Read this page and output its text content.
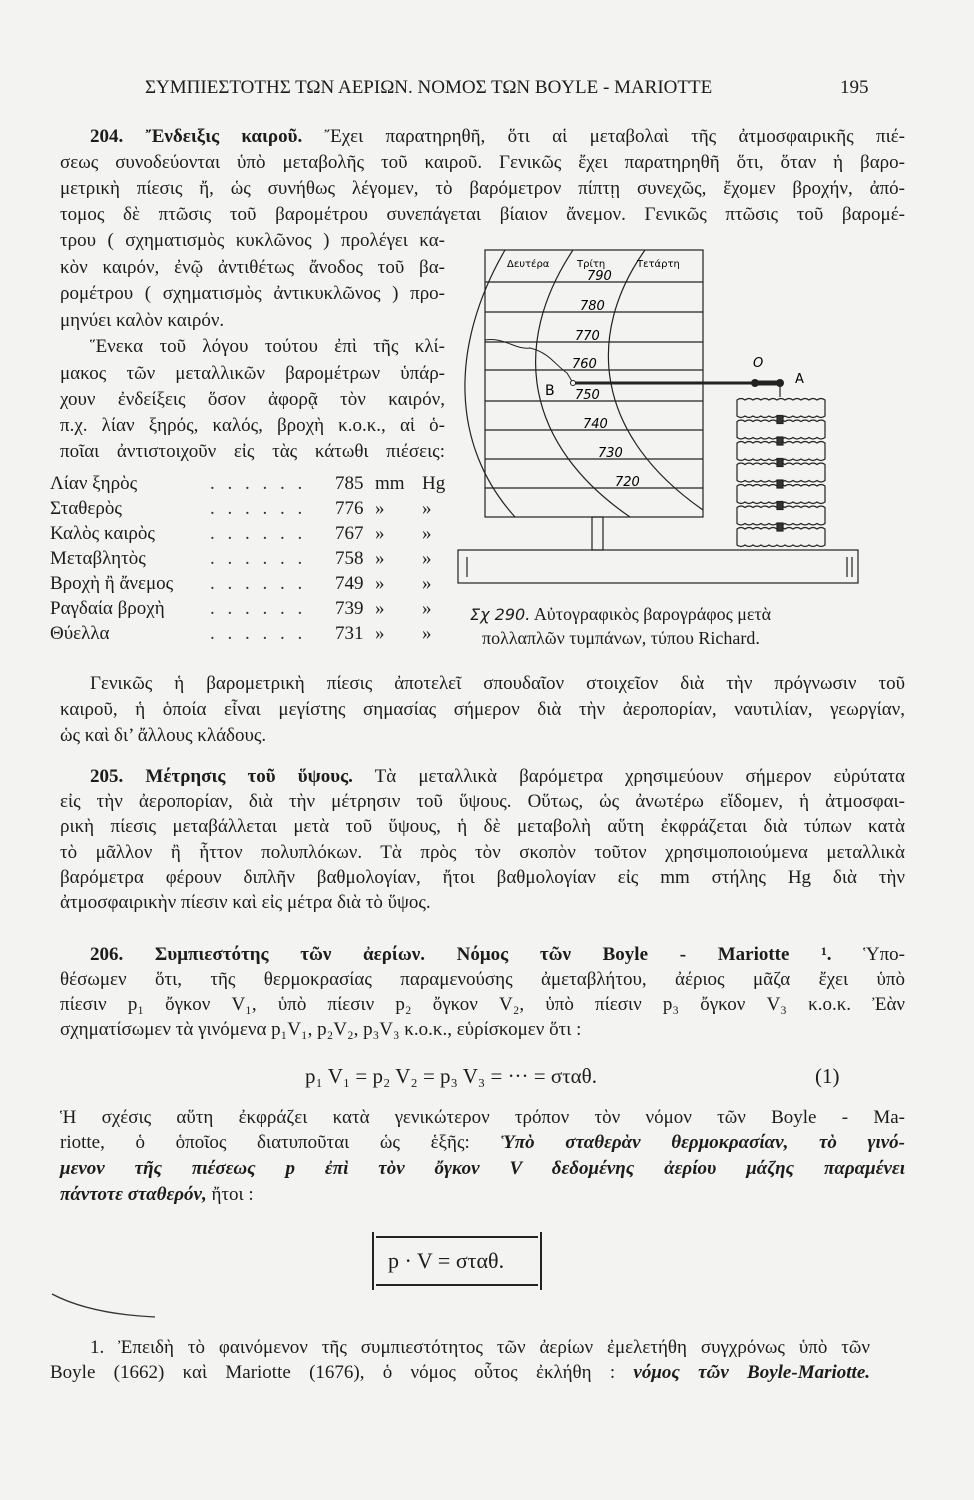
ΣΥΜΠΙΕΣΤΟΤΗΣ ΤΩΝ ΑΕΡΙΩΝ. ΝΟΜΟΣ ΤΩΝ BOYLE - MARIOTTE	195
Λίαν ξηρὸς	785 mm Hg
. . . . . .
Σταθερὸς	776 » »
. . . . . .
Καλὸς καιρὸς	767 » »
. . . . . .
Μεταβλητὸς	758 » »
. . . . . .
Βροχὴ ἢ ἄνεμος	749 » »
. . . . . .
Ραγδαία βροχὴ	739 » »
. . . . . .
Θύελλα	731 » »
. . . . . .
790
780
770
760
750
740
730
720
Δευτέρα	Τρίτη	Τετάρτη
O
A
B
Σχ 290. Αὐτογραφικὸς βαρογράφος μετὰ
πολλαπλῶν τυμπάνων, τύπου Richard.
p₁ V₁ = p₂ V₂ = p₃ V₃ = ··· = σταθ.	(1)
p · V = σταθ.
204. Ἔνδειξις καιροῦ. Ἔχει παρατηρηθῆ, ὅτι αἱ μεταβολαὶ τῆς ἀτμοσφαιρικῆς πιέ-
σεως συνοδεύονται ὑπὸ μεταβολῆς τοῦ καιροῦ. Γενικῶς ἔχει παρατηρηθῆ ὅτι, ὅταν ἡ βαρο-
μετρικὴ πίεσις ἤ, ὡς συνήθως λέγομεν, τὸ βαρόμετρον πίπτῃ συνεχῶς, ἔχομεν βροχήν, ἀπό-
τομος δὲ πτῶσις τοῦ βαρομέτρου συνεπάγεται βίαιον ἄνεμον. Γενικῶς πτῶσις τοῦ βαρομέ-
τρου ( σχηματισμὸς κυκλῶνος ) προλέγει κα-
κὸν καιρόν, ἐνῷ ἀντιθέτως ἄνοδος τοῦ βα-
ρομέτρου ( σχηματισμὸς ἀντικυκλῶνος ) προ-
μηνύει καλὸν καιρόν.
Ἕνεκα τοῦ λόγου τούτου ἐπὶ τῆς κλί-
μακος τῶν μεταλλικῶν βαρομέτρων ὑπάρ-
χουν ἐνδείξεις ὅσον ἀφορᾷ τὸν καιρόν,
π.χ. λίαν ξηρός, καλός, βροχὴ κ.ο.κ., αἱ ὁ-
ποῖαι ἀντιστοιχοῦν εἰς τὰς κάτωθι πιέσεις:
Γενικῶς ἡ βαρομετρικὴ πίεσις ἀποτελεῖ σπουδαῖον στοιχεῖον διὰ τὴν πρόγνωσιν τοῦ
καιροῦ, ἡ ὁποία εἶναι μεγίστης σημασίας σήμερον διὰ τὴν ἀεροπορίαν, ναυτιλίαν, γεωργίαν,
ὡς καὶ δι’ ἄλλους κλάδους.
205. Μέτρησις τοῦ ὕψους. Τὰ μεταλλικὰ βαρόμετρα χρησιμεύουν σήμερον εὐρύτατα
εἰς τὴν ἀεροπορίαν, διὰ τὴν μέτρησιν τοῦ ὕψους. Οὕτως, ὡς ἀνωτέρω εἴδομεν, ἡ ἀτμοσφαι-
ρικὴ πίεσις μεταβάλλεται μετὰ τοῦ ὕψους, ἡ δὲ μεταβολὴ αὕτη ἐκφράζεται διὰ τύπων κατὰ
τὸ μᾶλλον ἢ ἧττον πολυπλόκων. Τὰ πρὸς τὸν σκοπὸν τοῦτον χρησιμοποιούμενα μεταλλικὰ
βαρόμετρα φέρουν διπλῆν βαθμολογίαν, ἤτοι βαθμολογίαν εἰς mm στήλης Hg διὰ τὴν
ἀτμοσφαιρικὴν πίεσιν καὶ εἰς μέτρα διὰ τὸ ὕψος.
206. Συμπιεστότης τῶν ἀερίων. Νόμος τῶν Boyle - Mariotte ¹. Ὑπο-
θέσωμεν ὅτι, τῆς θερμοκρασίας παραμενούσης ἀμεταβλήτου, ἀέριος μᾶζα ἔχει ὑπὸ
πίεσιν p₁ ὄγκον V₁, ὑπὸ πίεσιν p₂ ὄγκον V₂, ὑπὸ πίεσιν p₃ ὄγκον V₃ κ.ο.κ. Ἐὰν
σχηματίσωμεν τὰ γινόμενα p₁V₁, p₂V₂, p₃V₃ κ.ο.κ., εὑρίσκομεν ὅτι :
Ἡ σχέσις αὕτη ἐκφράζει κατὰ γενικώτερον τρόπον τὸν νόμον τῶν Boyle - Ma-
riotte, ὁ ὁποῖος διατυποῦται ὡς ἑξῆς: Ὑπὸ σταθερὰν θερμοκρασίαν, τὸ γινό-
μενον τῆς πιέσεως p ἐπὶ τὸν ὄγκον V δεδομένης ἀερίου μάζης παραμένει
πάντοτε σταθερόν, ἤτοι :
1. Ἐπειδὴ τὸ φαινόμενον τῆς συμπιεστότητος τῶν ἀερίων ἐμελετήθη συγχρόνως ὑπὸ τῶν
Boyle (1662) καὶ Mariotte (1676), ὁ νόμος οὗτος ἐκλήθη : νόμος τῶν Boyle-Mariotte.
